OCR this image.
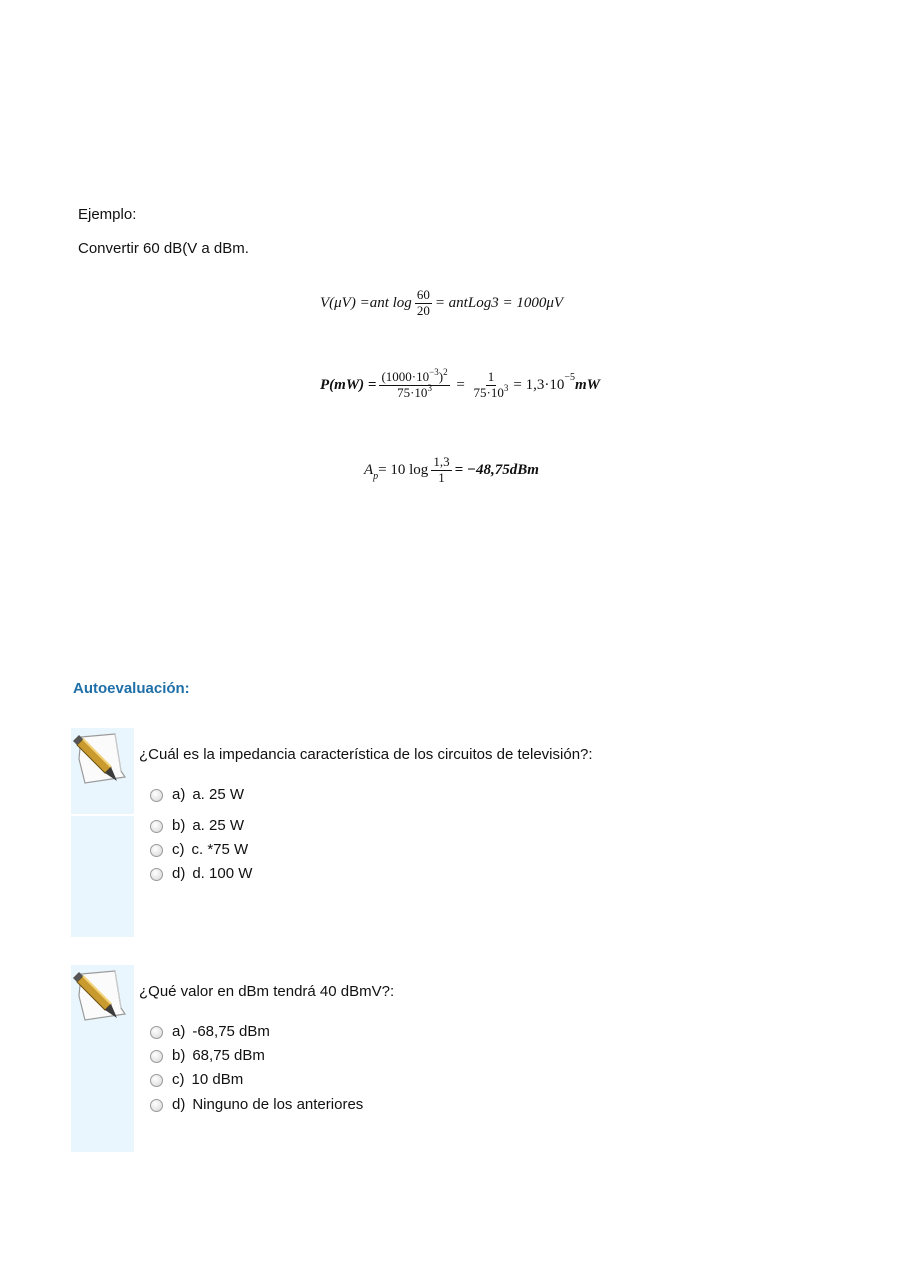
Ejemplo:
Convertir 60 dB(V a dBm.
V(μV) = ant $\log \frac{60}{20}$ = antLog3 = 1000μV
$P(mW) = \frac{(1000\cdot 10^{-3})^2}{75\cdot 10^3} = \frac{1}{75\cdot 10^3} = 1,3\cdot 10 -5$ mW
$A_p = 10$ $\log \frac{1,3}{1} = -48,75dBm$
Autoevaluación:
¿Cuál es la impedancia característica de los circuitos de televisión?:
a) a. 25 W
b) a. 25 W
c) c. *75 W
d) d. 100 W
¿Qué valor en dBm tendrá 40 dBmV?:
a) -68,75 dBm
b) 68,75 dBm
c) 10 dBm
d) Ninguno de los anteriores
